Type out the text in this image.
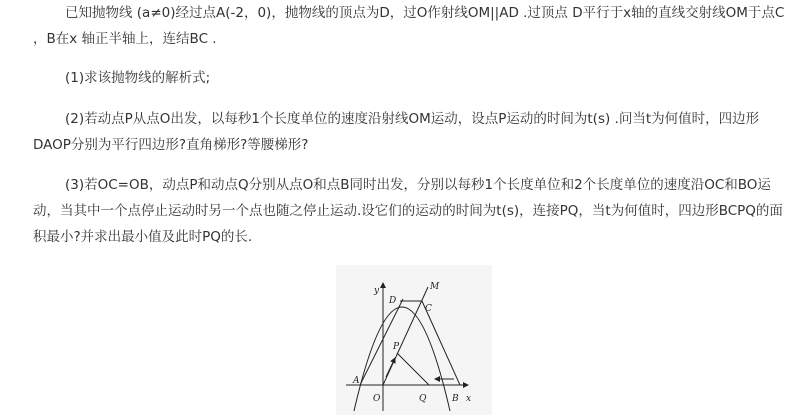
已知抛物线 (a≠0)经过点A(-2，0)，抛物线的顶点为D，过O作射线OM||AD .过顶点 D平行于x轴的直线交射线OM于点C ，B在x 轴正半轴上，连结BC .

(1)求该抛物线的解析式;

(2)若动点P从点O出发，以每秒1个长度单位的速度沿射线OM运动，设点P运动的时间为t(s) .问当t为何值时，四边形DAOP分别为平行四边形?直角梯形?等腰梯形?

(3)若OC=OB，动点P和动点Q分别从点O和点B同时出发，分别以每秒1个长度单位和2个长度单位的速度沿OC和BO运动，当其中一个点停止运动时另一个点也随之停止运动.设它们的运动的时间为t(s)，连接PQ，当t为何值时，四边形BCPQ的面积最小?并求出最小值及此时PQ的长.

y	M
D
C
P
A
O	Q	B x
